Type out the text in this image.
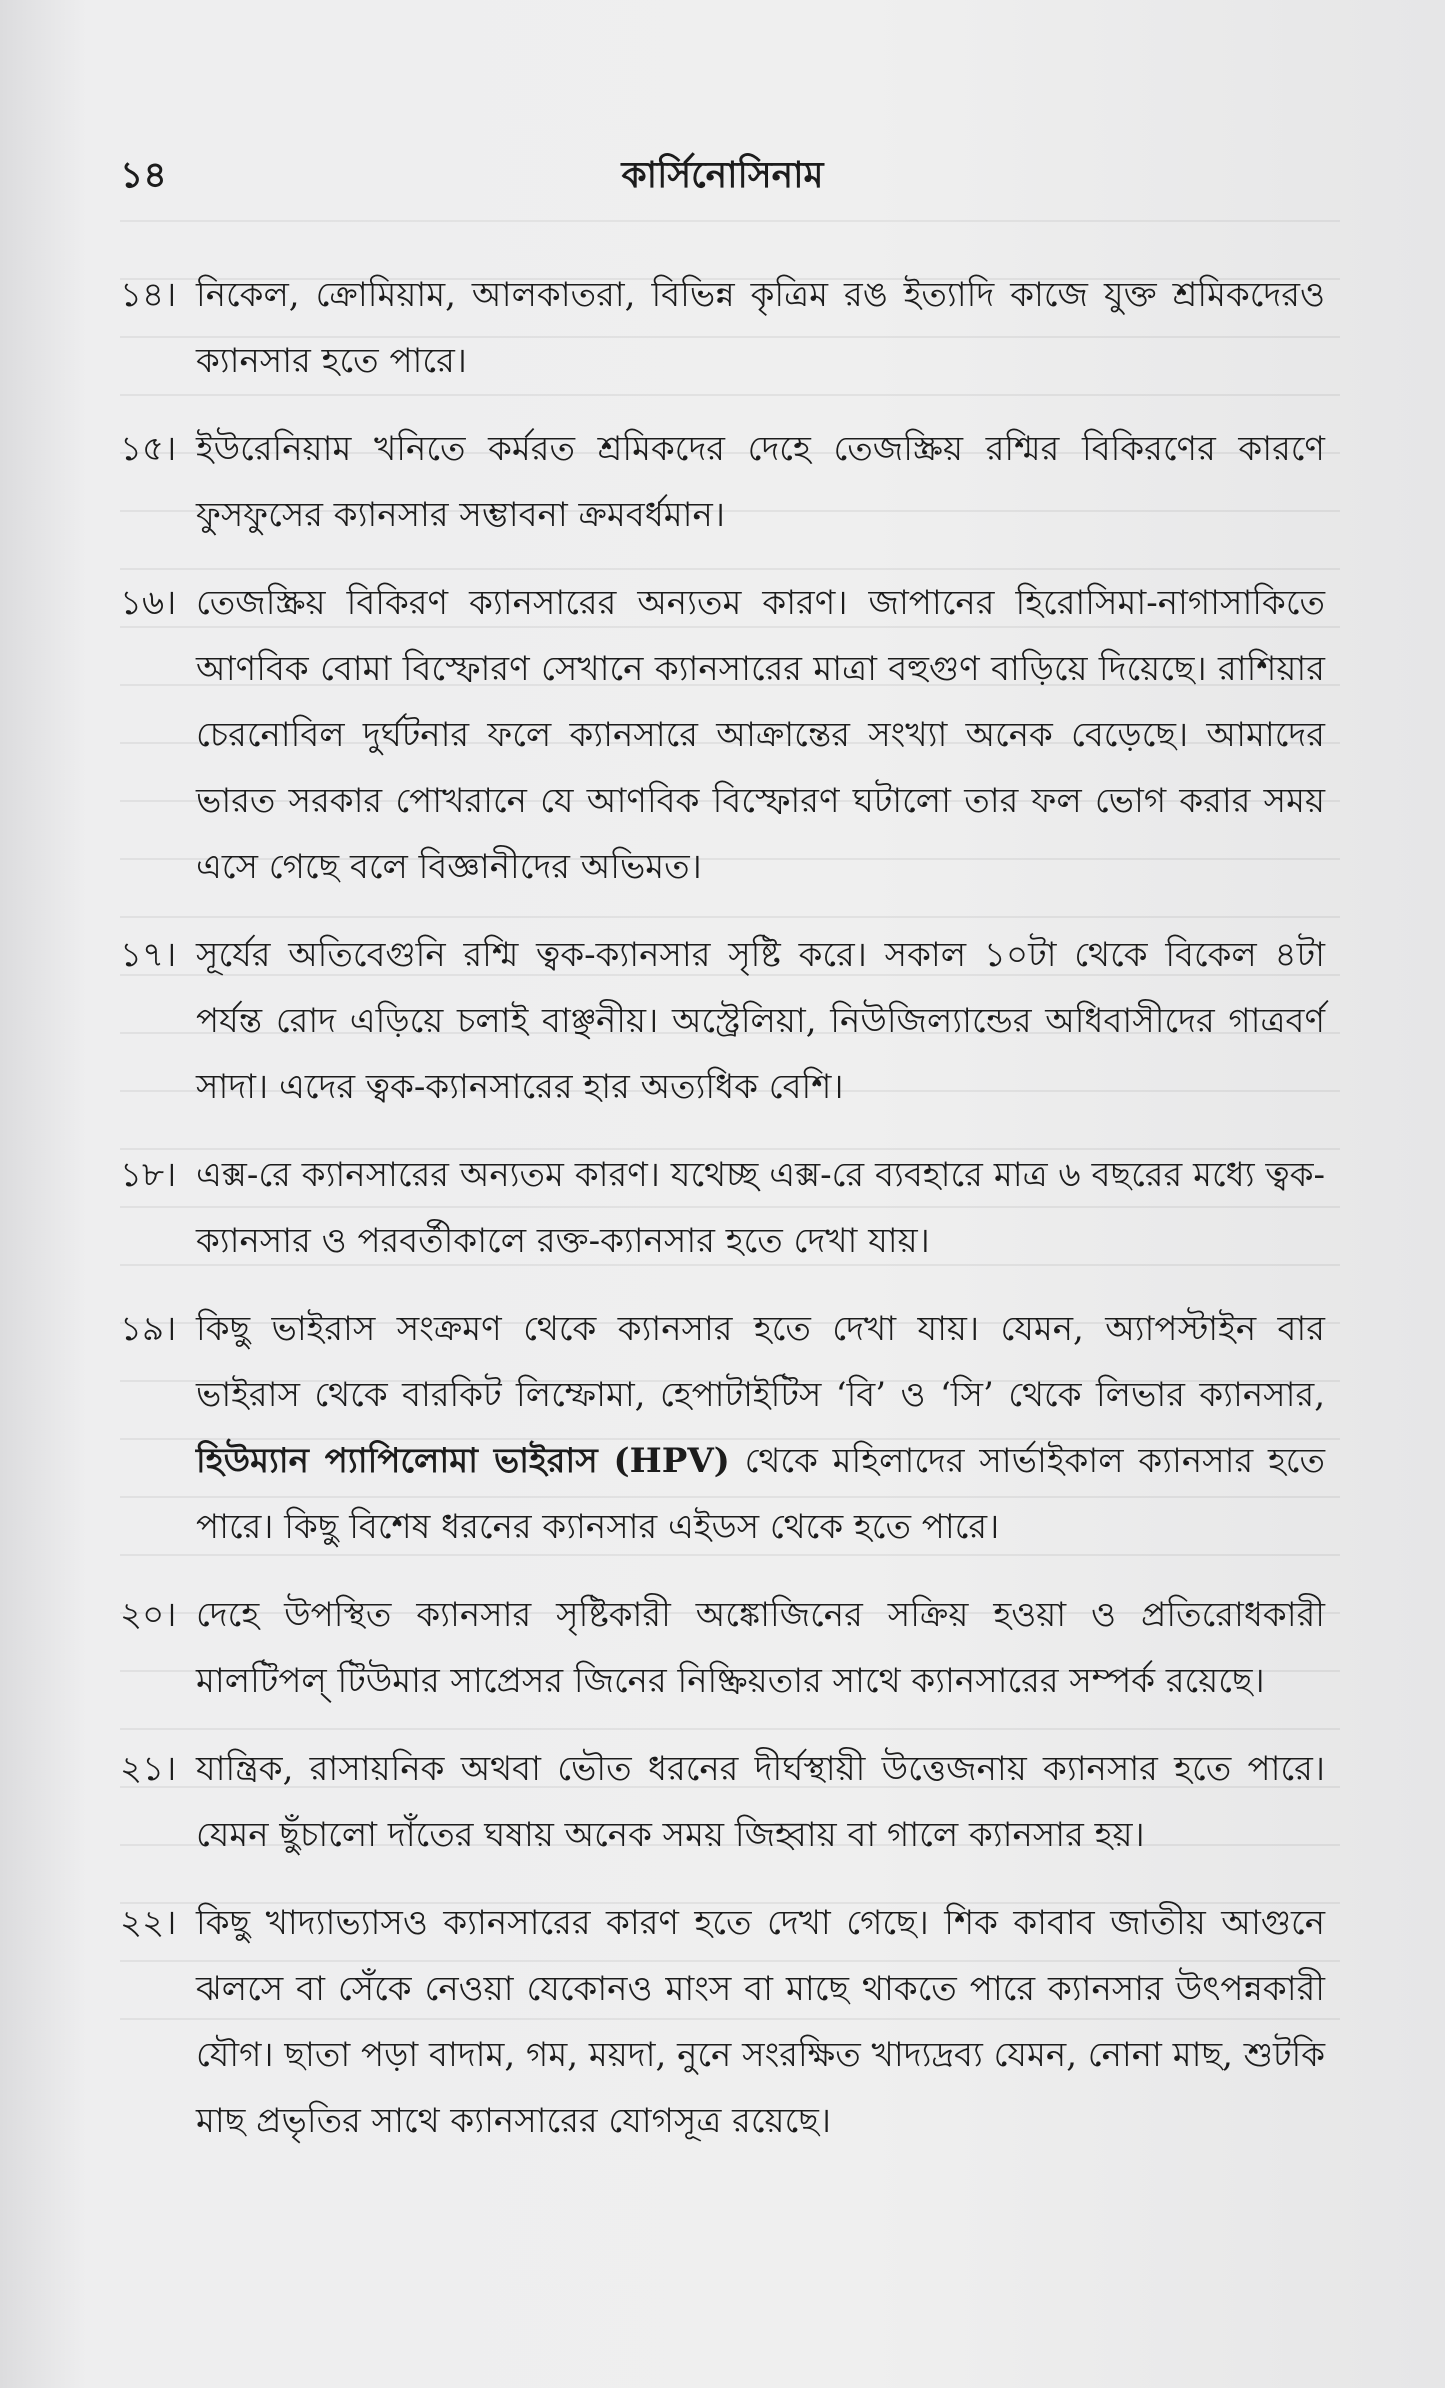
১৪	কার্সিনোসিনাম
১৪। নিকেল, ক্রোমিয়াম, আলকাতরা, বিভিন্ন কৃত্রিম রঙ ইত্যাদি কাজে যুক্ত শ্রমিকদেরও ক্যানসার হতে পারে।
১৫। ইউরেনিয়াম খনিতে কর্মরত শ্রমিকদের দেহে তেজস্ক্রিয় রশ্মির বিকিরণের কারণে ফুসফুসের ক্যানসার সম্ভাবনা ক্রমবর্ধমান।
১৬। তেজস্ক্রিয় বিকিরণ ক্যানসারের অন্যতম কারণ। জাপানের হিরোসিমা-নাগাসাকিতে আণবিক বোমা বিস্ফোরণ সেখানে ক্যানসারের মাত্রা বহুগুণ বাড়িয়ে দিয়েছে। রাশিয়ার চেরনোবিল দুর্ঘটনার ফলে ক্যানসারে আক্রান্তের সংখ্যা অনেক বেড়েছে। আমাদের ভারত সরকার পোখরানে যে আণবিক বিস্ফোরণ ঘটালো তার ফল ভোগ করার সময় এসে গেছে বলে বিজ্ঞানীদের অভিমত।
১৭। সূর্যের অতিবেগুনি রশ্মি ত্বক-ক্যানসার সৃষ্টি করে। সকাল ১০টা থেকে বিকেল ৪টা পর্যন্ত রোদ এড়িয়ে চলাই বাঞ্ছনীয়। অস্ট্রেলিয়া, নিউজিল্যান্ডের অধিবাসীদের গাত্রবর্ণ সাদা। এদের ত্বক-ক্যানসারের হার অত্যধিক বেশি।
১৮। এক্স-রে ক্যানসারের অন্যতম কারণ। যথেচ্ছ এক্স-রে ব্যবহারে মাত্র ৬ বছরের মধ্যে ত্বক-ক্যানসার ও পরবর্তীকালে রক্ত-ক্যানসার হতে দেখা যায়।
১৯। কিছু ভাইরাস সংক্রমণ থেকে ক্যানসার হতে দেখা যায়। যেমন, অ্যাপস্টাইন বার ভাইরাস থেকে বারকিট লিম্ফোমা, হেপাটাইটিস ‘বি’ ও ‘সি’ থেকে লিভার ক্যানসার, হিউম্যান প্যাপিলোমা ভাইরাস (HPV) থেকে মহিলাদের সার্ভাইকাল ক্যানসার হতে পারে। কিছু বিশেষ ধরনের ক্যানসার এইডস থেকে হতে পারে।
২০। দেহে উপস্থিত ক্যানসার সৃষ্টিকারী অঙ্কোজিনের সক্রিয় হওয়া ও প্রতিরোধকারী মালটিপল্ টিউমার সাপ্রেসর জিনের নিষ্ক্রিয়তার সাথে ক্যানসারের সম্পর্ক রয়েছে।
২১। যান্ত্রিক, রাসায়নিক অথবা ভৌত ধরনের দীর্ঘস্থায়ী উত্তেজনায় ক্যানসার হতে পারে। যেমন ছুঁচালো দাঁতের ঘষায় অনেক সময় জিহ্বায় বা গালে ক্যানসার হয়।
২২। কিছু খাদ্যাভ্যাসও ক্যানসারের কারণ হতে দেখা গেছে। শিক কাবাব জাতীয় আগুনে ঝলসে বা সেঁকে নেওয়া যেকোনও মাংস বা মাছে থাকতে পারে ক্যানসার উৎপন্নকারী যৌগ। ছাতা পড়া বাদাম, গম, ময়দা, নুনে সংরক্ষিত খাদ্যদ্রব্য যেমন, নোনা মাছ, শুটকি মাছ প্রভৃতির সাথে ক্যানসারের যোগসূত্র রয়েছে।
